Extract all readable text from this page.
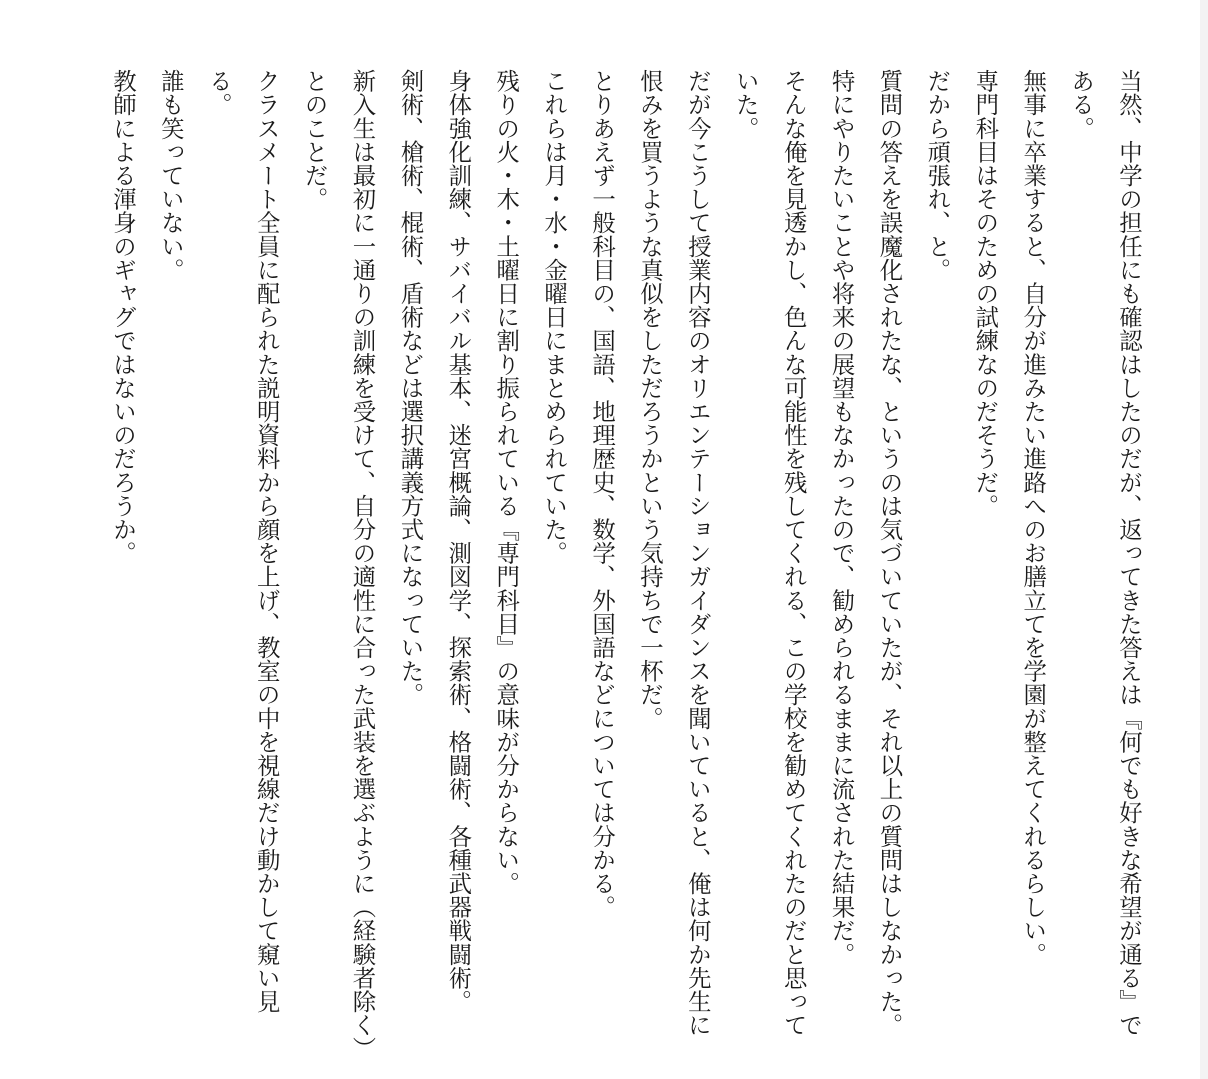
当然、中学の担任にも確認はしたのだが、返ってきた答えは『何でも好きな希望が通る』である。

無事に卒業すると、自分が進みたい進路へのお膳立てを学園が整えてくれるらしい。

専門科目はそのための試練なのだそうだ。

だから頑張れ、と。

質問の答えを誤魔化されたな、というのは気づいていたが、それ以上の質問はしなかった。

特にやりたいことや将来の展望もなかったので、勧められるままに流された結果だ。

そんな俺を見透かし、色んな可能性を残してくれる、この学校を勧めてくれたのだと思っていた。

だが今こうして授業内容のオリエンテーションガイダンスを聞いていると、俺は何か先生に恨みを買うような真似をしただろうかという気持ちで一杯だ。

とりあえず一般科目の、国語、地理歴史、数学、外国語などについては分かる。

これらは月・水・金曜日にまとめられていた。

残りの火・木・土曜日に割り振られている『専門科目』の意味が分からない。

身体強化訓練、サバイバル基本、迷宮概論、測図学、探索術、格闘術、各種武器戦闘術。

剣術、槍術、棍術、盾術などは選択講義方式になっていた。

新入生は最初に一通りの訓練を受けて、自分の適性に合った武装を選ぶように（経験者除く）とのことだ。

クラスメート全員に配られた説明資料から顔を上げ、教室の中を視線だけ動かして窺い見る。

誰も笑っていない。

教師による渾身のギャグではないのだろうか。
